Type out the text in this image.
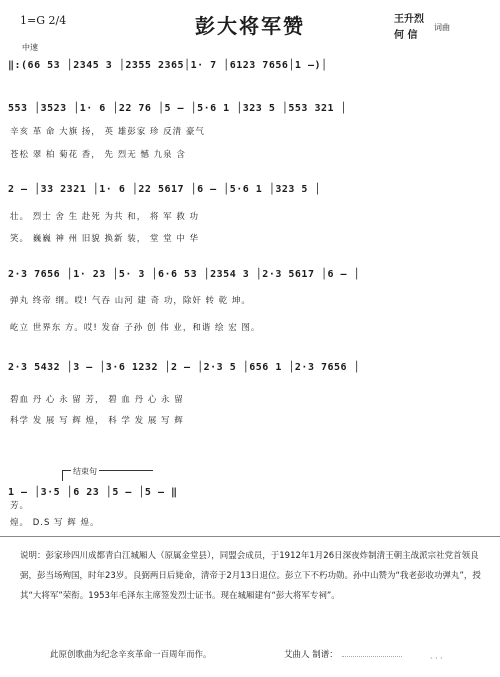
1=G 2/4
中速
彭大将军赞	王升烈
何 信
词曲
‖:(66 53 │2345 3 │2355 2365│1· 7 │6123 7656│1 —)│
553 │3523 │1· 6 │22 76 │5 — │5·6 1 │323 5 │553 321 │
辛亥 革 命 大旗 扬， 英 雄彭家 珍 反清 豪气
苍松 翠 柏 菊花 香， 先 烈无 憾 九泉 含
2 — │33 2321 │1· 6 │22 5617 │6 — │5·6 1 │323 5 │
壮。 烈士 舍 生 赴死 为共 和， 将 军 救 功
笑。 巍巍 神 州 旧貌 换新 装， 堂 堂 中 华
2·3 7656 │1· 23 │5· 3 │6·6 53 │2354 3 │2·3 5617 │6 — │
弹丸 终帝 纲。哎! 气吞 山河 建 奇 功，除奸 转 乾 坤。
屹立 世界东 方。哎! 发奋 子孙 创 伟 业，和谐 绘 宏 图。
2·3 5432 │3 — │3·6 1232 │2 — │2·3 5 │656 1 │2·3 7656 │
碧血 丹 心 永 留 芳， 碧 血 丹 心 永 留
科学 发 展 写 辉 煌， 科 学 发 展 写 辉
结束句
1 — │3·5 │6 23 │5 — │5 — ‖
芳。
煌。 D.S 写 辉 煌。
说明：彭家珍四川成都青白江城厢人（原属金堂县），同盟会成员，于1912年1月26日深夜炸制清王朝主战派宗社党首领良弼，彭当场殉国，时年23岁。良弼两日后毙命，清帝于2月13日退位。彭立下不朽功勋。孙中山赞为“我老彭收功弹丸”，授其“大将军”荣衔。1953年毛泽东主席签发烈士证书。现在城厢建有“彭大将军专祠”。
此原创歌曲为纪念辛亥革命一百周年而作。	艾曲人 制谱：	· · ·
